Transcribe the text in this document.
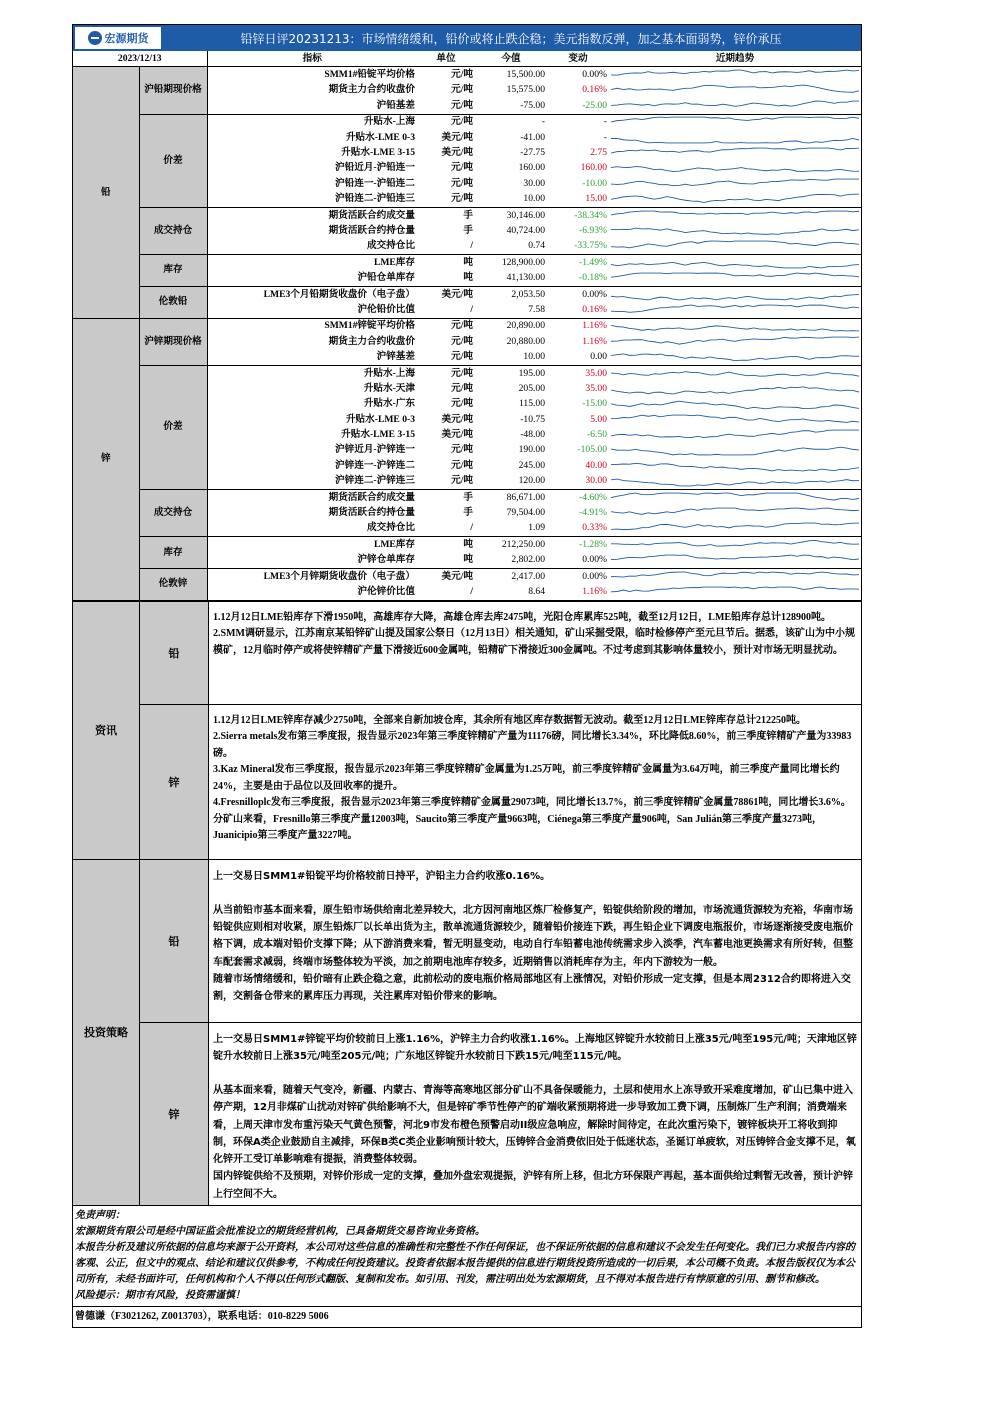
宏源期货	铅锌日评20231213：市场情绪缓和，铅价或将止跌企稳；美元指数反弹，加之基本面弱势，锌价承压
2023/12/13		指标	单位	今值	变动	近期趋势
铅	沪铅期现价格	SMM1#铅锭平均价格	元/吨	15,500.00	0.00%	

		期货主力合约收盘价	元/吨	15,575.00	0.16%	

		沪铅基差	元/吨	-75.00	-25.00	

	价差	升贴水-上海	元/吨	-	-	

		升贴水-LME 0-3	美元/吨	-41.00	-	

		升贴水-LME 3-15	美元/吨	-27.75	2.75	

		沪铅近月-沪铅连一	元/吨	160.00	160.00	

		沪铅连一-沪铅连二	元/吨	30.00	-10.00	

		沪铅连二-沪铅连三	元/吨	10.00	15.00	

	成交持仓	期货活跃合约成交量	手	30,146.00	-38.34%	

		期货活跃合约持仓量	手	40,724.00	-6.93%	

		成交持仓比	/	0.74	-33.75%	

	库存	LME库存	吨	128,900.00	-1.49%	

		沪铅仓单库存	吨	41,130.00	-0.18%	

	伦敦铅	LME3个月铅期货收盘价（电子盘）	美元/吨	2,053.50	0.00%	

		沪伦铅价比值	/	7.58	0.16%	

锌	沪锌期现价格	SMM1#锌锭平均价格	元/吨	20,890.00	1.16%	

		期货主力合约收盘价	元/吨	20,880.00	1.16%	

		沪锌基差	元/吨	10.00	0.00	

	价差	升贴水-上海	元/吨	195.00	35.00	

		升贴水-天津	元/吨	205.00	35.00	

		升贴水-广东	元/吨	115.00	-15.00	

		升贴水-LME 0-3	美元/吨	-10.75	5.00	

		升贴水-LME 3-15	美元/吨	-48.00	-6.50	

		沪锌近月-沪锌连一	元/吨	190.00	-105.00	

		沪锌连一-沪锌连二	元/吨	245.00	40.00	

		沪锌连二-沪锌连三	元/吨	120.00	30.00	

	成交持仓	期货活跃合约成交量	手	86,671.00	-4.60%	

		期货活跃合约持仓量	手	79,504.00	-4.91%	

		成交持仓比	/	1.09	0.33%	

	库存	LME库存	吨	212,250.00	-1.28%	

		沪锌仓单库存	吨	2,802.00	0.00%	

	伦敦锌	LME3个月锌期货收盘价（电子盘）	美元/吨	2,417.00	0.00%	

		沪伦锌价比值	/	8.64	1.16%	
资讯
铅

1.12月12日LME铅库存下滑1950吨，高雄库存大降，高雄仓库去库2475吨，光阳仓库累库525吨，截至12月12日，LME铅库存总计128900吨。

2.SMM调研显示，江苏南京某铅锌矿山提及国家公祭日（12月13日）相关通知，矿山采掘受限，临时检修停产至元旦节后。据悉，该矿山为中小规模矿，12月临时停产或将使锌精矿产量下滑接近600金属吨，铅精矿下滑接近300金属吨。不过考虑到其影响体量较小，预计对市场无明显扰动。

锌

1.12月12日LME锌库存减少2750吨，全部来自新加坡仓库，其余所有地区库存数据暂无波动。截至12月12日LME锌库存总计212250吨。

2.Sierra metals发布第三季度报，报告显示2023年第三季度锌精矿产量为11176磅，同比增长3.34%，环比降低8.60%，前三季度锌精矿产量为33983磅。

3.Kaz Mineral发布三季度报，报告显示2023年第三季度锌精矿金属量为1.25万吨，前三季度锌精矿金属量为3.64万吨，前三季度产量同比增长约24%，主要是由于品位以及回收率的提升。

4.Fresnilloplc发布三季度报，报告显示2023年第三季度锌精矿金属量29073吨，同比增长13.7%，前三季度锌精矿金属量78861吨，同比增长3.6%。分矿山来看，Fresnillo第三季度产量12003吨，Saucito第三季度产量9663吨，Ciénega第三季度产量906吨，San Julián第三季度产量3273吨，Juanicipio第三季度产量3227吨。

投资策略
铅

上一交易日SMM1#铅锭平均价格较前日持平，沪铅主力合约收涨0.16%。

从当前铅市基本面来看，原生铅市场供给南北差异较大，北方因河南地区炼厂检修复产，铅锭供给阶段的增加，市场流通货源较为充裕，华南市场铅锭供应则相对收紧，原生铅炼厂以长单出货为主，散单流通货源较少，随着铅价接连下跌，再生铅企业下调废电瓶报价，市场逐渐接受废电瓶价格下调，成本端对铅价支撑下降；从下游消费来看，暂无明显变动，电动自行车铅蓄电池传统需求步入淡季，汽车蓄电池更换需求有所好转，但整车配套需求减弱，终端市场整体较为平淡，加之前期电池库存较多，近期销售以消耗库存为主，年内下游较为一般。

随着市场情绪缓和，铅价暗有止跌企稳之意，此前松动的废电瓶价格局部地区有上涨情况，对铅价形成一定支撑，但是本周2312合约即将进入交割，交割备仓带来的累库压力再现，关注累库对铅价带来的影响。

锌

上一交易日SMM1#锌锭平均价较前日上涨1.16%，沪锌主力合约收涨1.16%。上海地区锌锭升水较前日上涨35元/吨至195元/吨；天津地区锌锭升水较前日上涨35元/吨至205元/吨；广东地区锌锭升水较前日下跌15元/吨至115元/吨。

从基本面来看，随着天气变冷，新疆、内蒙古、青海等高寒地区部分矿山不具备保暖能力，土层和使用水上冻导致开采难度增加，矿山已集中进入停产期，12月非煤矿山扰动对锌矿供给影响不大，但是锌矿季节性停产的矿端收紧预期将进一步导致加工费下调，压制炼厂生产利润；消费端来看，上周天津市发布重污染天气黄色预警，河北9市发布橙色预警启动II级应急响应，解除时间待定，在此次重污染下，镀锌板块开工将收到抑制，环保A类企业鼓励自主减排，环保B类C类企业影响预计较大，压铸锌合金消费依旧处于低迷状态，圣诞订单疲软，对压铸锌合金支撑不足，氧化锌开工受订单影响难有提振，消费整体较弱。

国内锌锭供给不及预期，对锌价形成一定的支撑，叠加外盘宏观提振，沪锌有所上移，但北方环保限产再起，基本面供给过剩暂无改善，预计沪锌上行空间不大。

免责声明：

宏源期货有限公司是经中国证监会批准设立的期货经营机构，已具备期货交易咨询业务资格。

本报告分析及建议所依据的信息均来源于公开资料，本公司对这些信息的准确性和完整性不作任何保证，也不保证所依据的信息和建议不会发生任何变化。我们已力求报告内容的客观、公正，但文中的观点、结论和建议仅供参考，不构成任何投资建议。投资者依据本报告提供的信息进行期货投资所造成的一切后果，本公司概不负责。本报告版权仅为本公司所有，未经书面许可，任何机构和个人不得以任何形式翻版、复制和发布。如引用、刊发，需注明出处为宏源期货，且不得对本报告进行有悖原意的引用、删节和修改。

风险提示：期市有风险，投资需谨慎！

曾德谦（F3021262, Z0013703），联系电话：010-8229 5006
